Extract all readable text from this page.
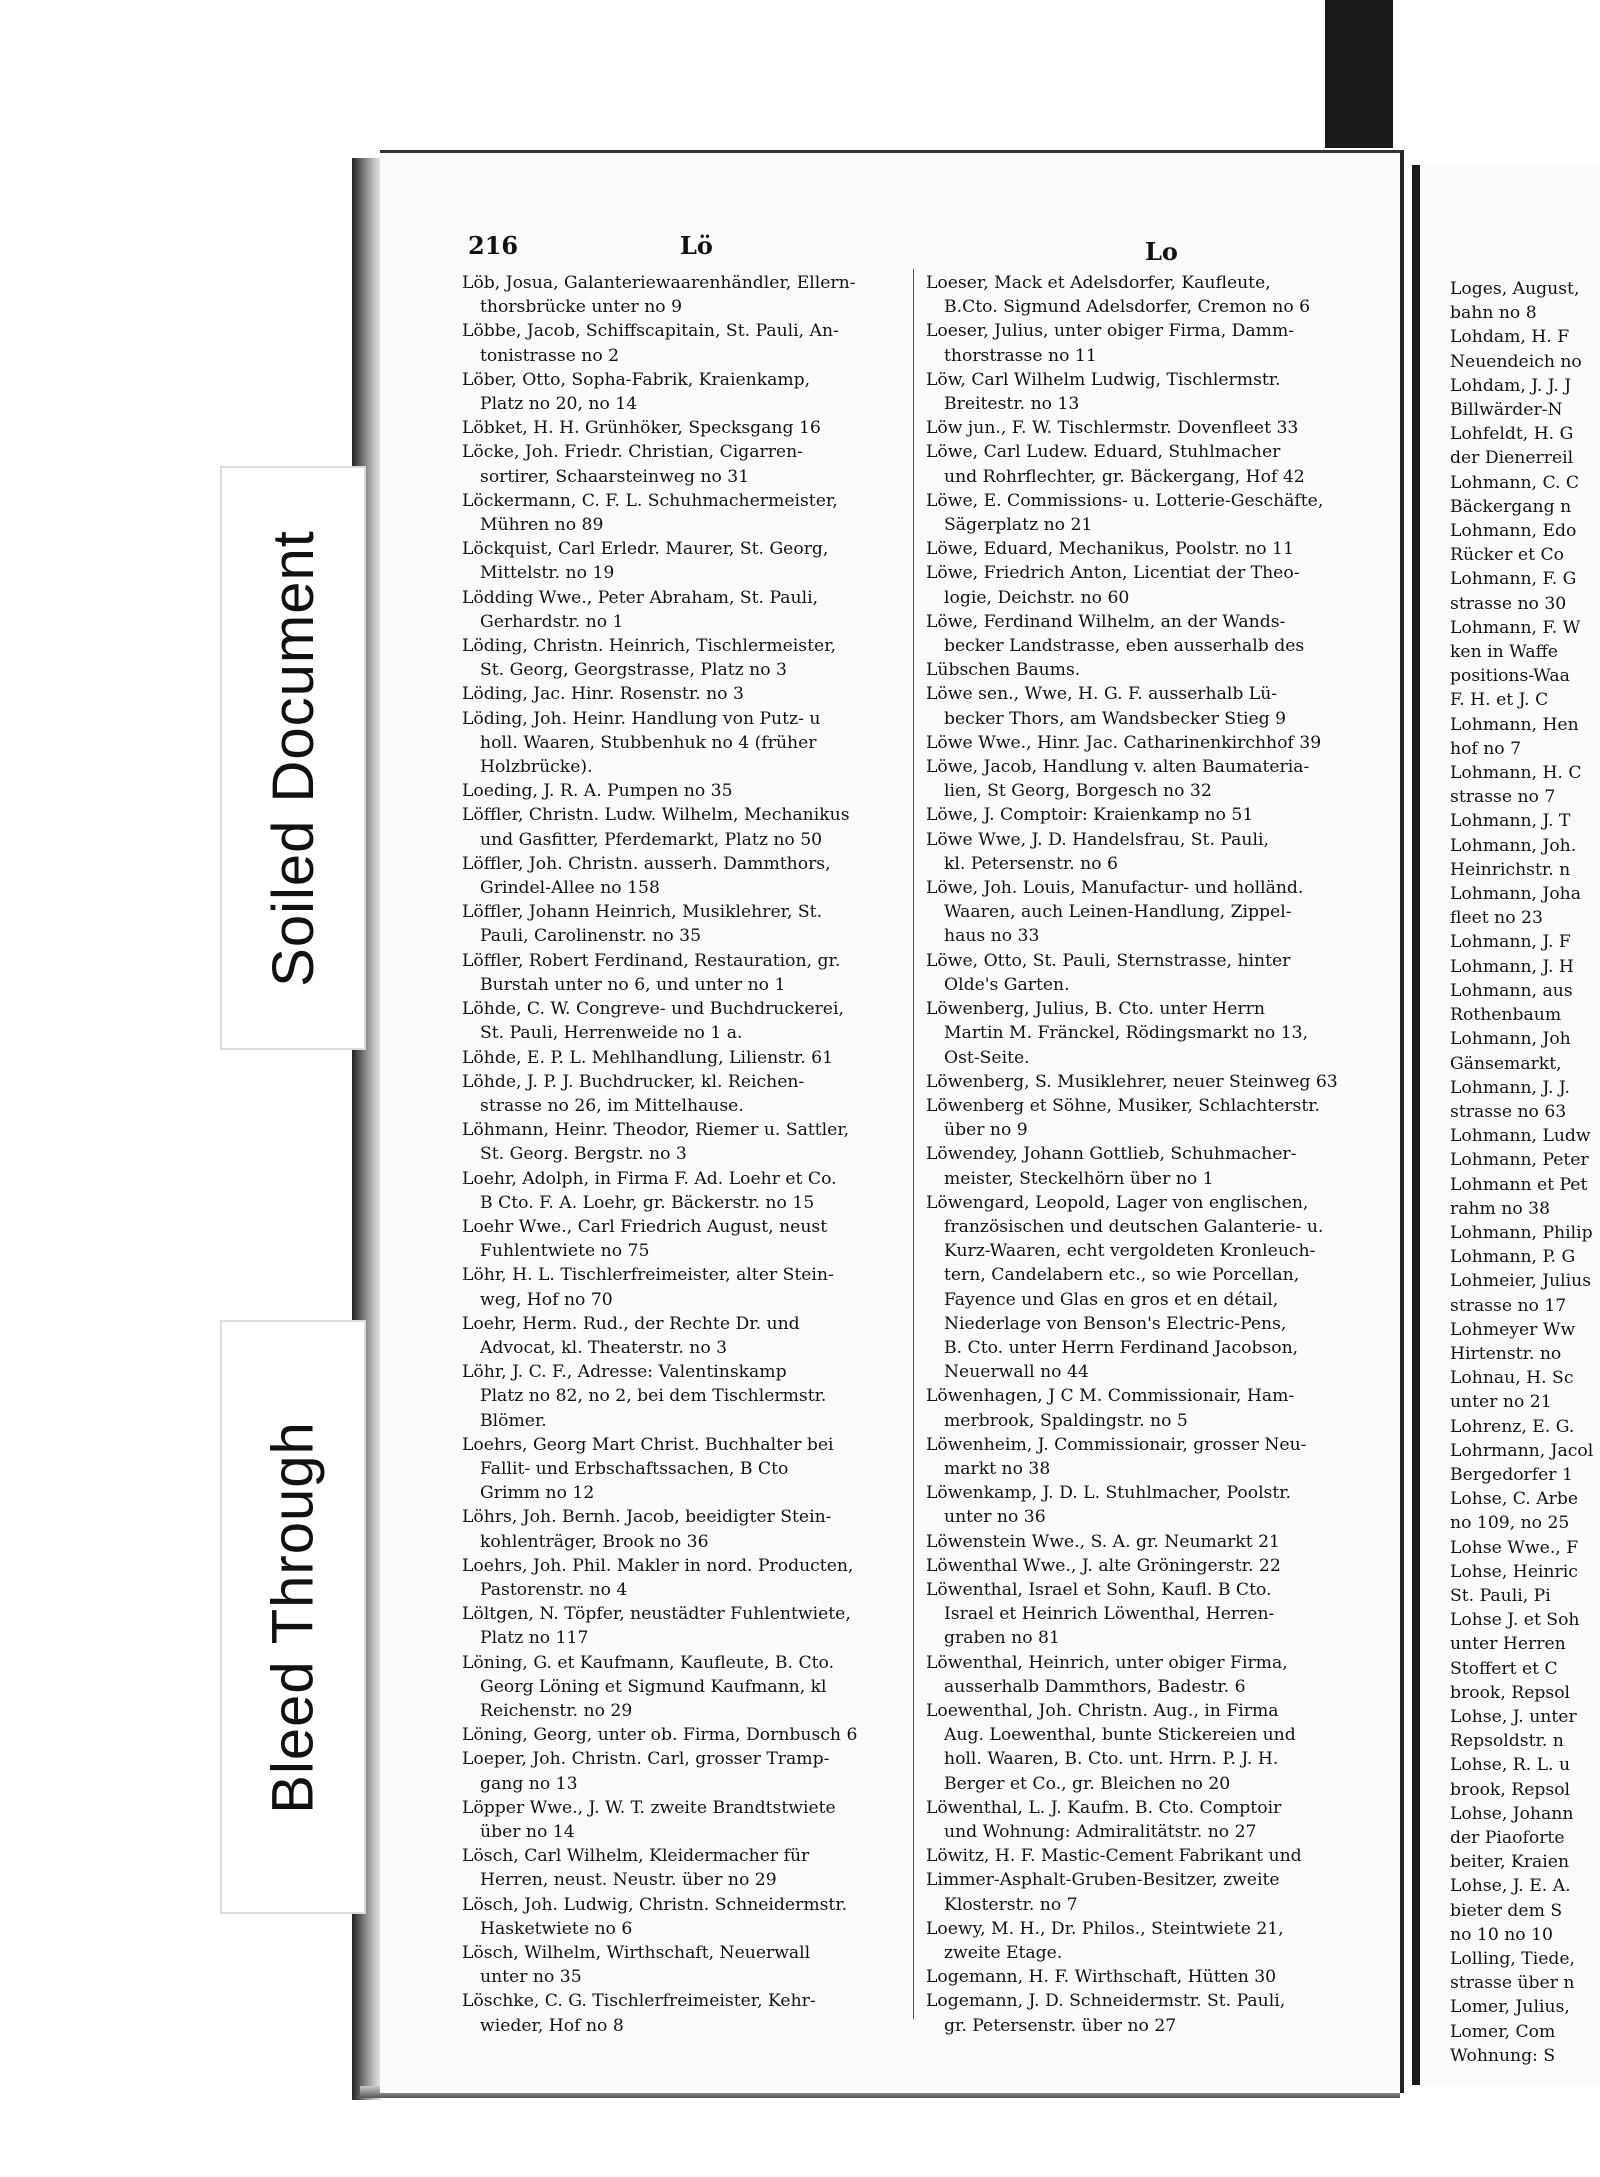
Soiled Document
Bleed Through
216	Lö	Lo
Löb, Josua, Galanteriewaarenhändler, Ellern-
thorsbrücke unter no 9
Löbbe, Jacob, Schiffscapitain, St. Pauli, An-
tonistrasse no 2
Löber, Otto, Sopha-Fabrik, Kraienkamp,
Platz no 20, no 14
Löbket, H. H. Grünhöker, Specksgang 16
Löcke, Joh. Friedr. Christian, Cigarren-
sortirer, Schaarsteinweg no 31
Löckermann, C. F. L. Schuhmachermeister,
Mühren no 89
Löckquist, Carl Erledr. Maurer, St. Georg,
Mittelstr. no 19
Lödding Wwe., Peter Abraham, St. Pauli,
Gerhardstr. no 1
Löding, Christn. Heinrich, Tischlermeister,
St. Georg, Georgstrasse, Platz no 3
Löding, Jac. Hinr. Rosenstr. no 3
Löding, Joh. Heinr. Handlung von Putz- u
holl. Waaren, Stubbenhuk no 4 (früher
Holzbrücke).
Loeding, J. R. A. Pumpen no 35
Löffler, Christn. Ludw. Wilhelm, Mechanikus
und Gasfitter, Pferdemarkt, Platz no 50
Löffler, Joh. Christn. ausserh. Dammthors,
Grindel-Allee no 158
Löffler, Johann Heinrich, Musiklehrer, St.
Pauli, Carolinenstr. no 35
Löffler, Robert Ferdinand, Restauration, gr.
Burstah unter no 6, und unter no 1
Löhde, C. W. Congreve- und Buchdruckerei,
St. Pauli, Herrenweide no 1 a.
Löhde, E. P. L. Mehlhandlung, Lilienstr. 61
Löhde, J. P. J. Buchdrucker, kl. Reichen-
strasse no 26, im Mittelhause.
Löhmann, Heinr. Theodor, Riemer u. Sattler,
St. Georg. Bergstr. no 3
Loehr, Adolph, in Firma F. Ad. Loehr et Co.
B Cto. F. A. Loehr, gr. Bäckerstr. no 15
Loehr Wwe., Carl Friedrich August, neust
Fuhlentwiete no 75
Löhr, H. L. Tischlerfreimeister, alter Stein-
weg, Hof no 70
Loehr, Herm. Rud., der Rechte Dr. und
Advocat, kl. Theaterstr. no 3
Löhr, J. C. F., Adresse: Valentinskamp
Platz no 82, no 2, bei dem Tischlermstr.
Blömer.
Loehrs, Georg Mart Christ. Buchhalter bei
Fallit- und Erbschaftssachen, B Cto
Grimm no 12
Löhrs, Joh. Bernh. Jacob, beeidigter Stein-
kohlenträger, Brook no 36
Loehrs, Joh. Phil. Makler in nord. Producten,
Pastorenstr. no 4
Löltgen, N. Töpfer, neustädter Fuhlentwiete,
Platz no 117
Löning, G. et Kaufmann, Kaufleute, B. Cto.
Georg Löning et Sigmund Kaufmann, kl
Reichenstr. no 29
Löning, Georg, unter ob. Firma, Dornbusch 6
Loeper, Joh. Christn. Carl, grosser Tramp-
gang no 13
Löpper Wwe., J. W. T. zweite Brandtstwiete
über no 14
Lösch, Carl Wilhelm, Kleidermacher für
Herren, neust. Neustr. über no 29
Lösch, Joh. Ludwig, Christn. Schneidermstr.
Hasketwiete no 6
Lösch, Wilhelm, Wirthschaft, Neuerwall
unter no 35
Löschke, C. G. Tischlerfreimeister, Kehr-
wieder, Hof no 8
Loeser, Mack et Adelsdorfer, Kaufleute,
B.Cto. Sigmund Adelsdorfer, Cremon no 6
Loeser, Julius, unter obiger Firma, Damm-
thorstrasse no 11
Löw, Carl Wilhelm Ludwig, Tischlermstr.
Breitestr. no 13
Löw jun., F. W. Tischlermstr. Dovenfleet 33
Löwe, Carl Ludew. Eduard, Stuhlmacher
und Rohrflechter, gr. Bäckergang, Hof 42
Löwe, E. Commissions- u. Lotterie-Geschäfte,
Sägerplatz no 21
Löwe, Eduard, Mechanikus, Poolstr. no 11
Löwe, Friedrich Anton, Licentiat der Theo-
logie, Deichstr. no 60
Löwe, Ferdinand Wilhelm, an der Wands-
becker Landstrasse, eben ausserhalb des
Lübschen Baums.
Löwe sen., Wwe, H. G. F. ausserhalb Lü-
becker Thors, am Wandsbecker Stieg 9
Löwe Wwe., Hinr. Jac. Catharinenkirchhof 39
Löwe, Jacob, Handlung v. alten Baumateria-
lien, St Georg, Borgesch no 32
Löwe, J. Comptoir: Kraienkamp no 51
Löwe Wwe, J. D. Handelsfrau, St. Pauli,
kl. Petersenstr. no 6
Löwe, Joh. Louis, Manufactur- und holländ.
Waaren, auch Leinen-Handlung, Zippel-
haus no 33
Löwe, Otto, St. Pauli, Sternstrasse, hinter
Olde's Garten.
Löwenberg, Julius, B. Cto. unter Herrn
Martin M. Fränckel, Rödingsmarkt no 13,
Ost-Seite.
Löwenberg, S. Musiklehrer, neuer Steinweg 63
Löwenberg et Söhne, Musiker, Schlachterstr.
über no 9
Löwendey, Johann Gottlieb, Schuhmacher-
meister, Steckelhörn über no 1
Löwengard, Leopold, Lager von englischen,
französischen und deutschen Galanterie- u.
Kurz-Waaren, echt vergoldeten Kronleuch-
tern, Candelabern etc., so wie Porcellan,
Fayence und Glas en gros et en détail,
Niederlage von Benson's Electric-Pens,
B. Cto. unter Herrn Ferdinand Jacobson,
Neuerwall no 44
Löwenhagen, J C M. Commissionair, Ham-
merbrook, Spaldingstr. no 5
Löwenheim, J. Commissionair, grosser Neu-
markt no 38
Löwenkamp, J. D. L. Stuhlmacher, Poolstr.
unter no 36
Löwenstein Wwe., S. A. gr. Neumarkt 21
Löwenthal Wwe., J. alte Gröningerstr. 22
Löwenthal, Israel et Sohn, Kaufl. B Cto.
Israel et Heinrich Löwenthal, Herren-
graben no 81
Löwenthal, Heinrich, unter obiger Firma,
ausserhalb Dammthors, Badestr. 6
Loewenthal, Joh. Christn. Aug., in Firma
Aug. Loewenthal, bunte Stickereien und
holl. Waaren, B. Cto. unt. Hrrn. P. J. H.
Berger et Co., gr. Bleichen no 20
Löwenthal, L. J. Kaufm. B. Cto. Comptoir
und Wohnung: Admiralitätstr. no 27
Löwitz, H. F. Mastic-Cement Fabrikant und
Limmer-Asphalt-Gruben-Besitzer, zweite
Klosterstr. no 7
Loewy, M. H., Dr. Philos., Steintwiete 21,
zweite Etage.
Logemann, H. F. Wirthschaft, Hütten 30
Logemann, J. D. Schneidermstr. St. Pauli,
gr. Petersenstr. über no 27
Loges, August,
bahn no 8
Lohdam, H. F
Neuendeich no
Lohdam, J. J. J
Billwärder-N
Lohfeldt, H. G
der Dienerreil
Lohmann, C. C
Bäckergang n
Lohmann, Edo
Rücker et Co
Lohmann, F. G
strasse no 30
Lohmann, F. W
ken in Waffe
positions-Waa
F. H. et J. C
Lohmann, Hen
hof no 7
Lohmann, H. C
strasse no 7
Lohmann, J. T
Lohmann, Joh.
Heinrichstr. n
Lohmann, Joha
fleet no 23
Lohmann, J. F
Lohmann, J. H
Lohmann, aus
Rothenbaum
Lohmann, Joh
Gänsemarkt,
Lohmann, J. J.
strasse no 63
Lohmann, Ludw
Lohmann, Peter
Lohmann et Pet
rahm no 38
Lohmann, Philip
Lohmann, P. G
Lohmeier, Julius
strasse no 17
Lohmeyer Ww
Hirtenstr. no
Lohnau, H. Sc
unter no 21
Lohrenz, E. G.
Lohrmann, Jacol
Bergedorfer 1
Lohse, C. Arbe
no 109, no 25
Lohse Wwe., F
Lohse, Heinric
St. Pauli, Pi
Lohse J. et Soh
unter Herren
Stoffert et C
brook, Repsol
Lohse, J. unter
Repsoldstr. n
Lohse, R. L. u
brook, Repsol
Lohse, Johann
der Piaoforte
beiter, Kraien
Lohse, J. E. A.
bieter dem S
no 10 no 10
Lolling, Tiede,
strasse über n
Lomer, Julius,
Lomer, Com
Wohnung: S
